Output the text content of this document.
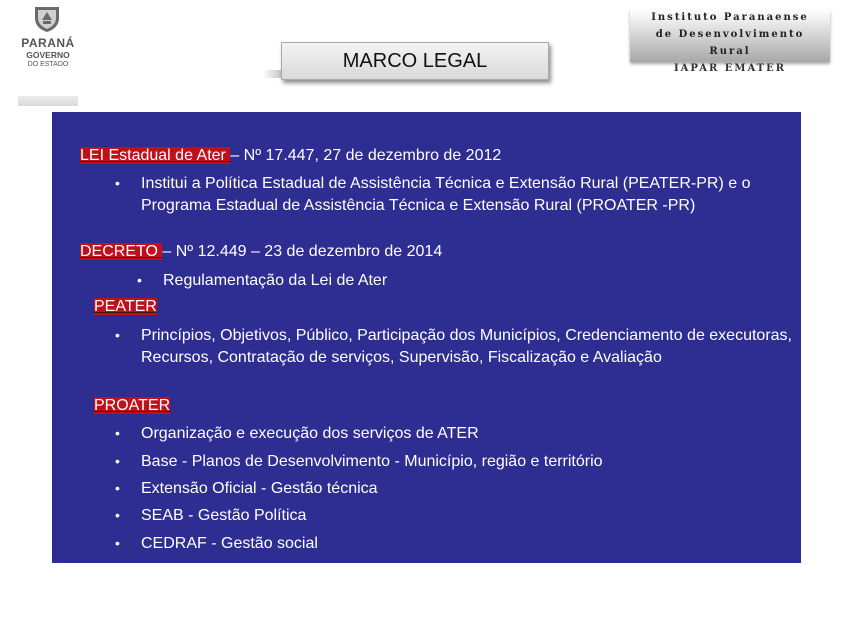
PARANÁ
GOVERNO
DO ESTADO	MARCO LEGAL
Instituto Paranaense
de Desenvolvimento
Rural
IAPAR EMATER
LEI Estadual de Ater – Nº 17.447, 27 de dezembro de 2012
• Institui a Política Estadual de Assistência Técnica e Extensão Rural (PEATER-PR) e o Programa Estadual de Assistência Técnica e Extensão Rural (PROATER -PR)
DECRETO – Nº 12.449 – 23 de dezembro de 2014
• Regulamentação da Lei de Ater
PEATER
• Princípios, Objetivos, Público, Participação dos Municípios, Credenciamento de executoras, Recursos, Contratação de serviços, Supervisão, Fiscalização e Avaliação
PROATER
• Organização e execução dos serviços de ATER
• Base - Planos de Desenvolvimento - Município, região e território
• Extensão Oficial - Gestão técnica
• SEAB - Gestão Política
• CEDRAF - Gestão social
